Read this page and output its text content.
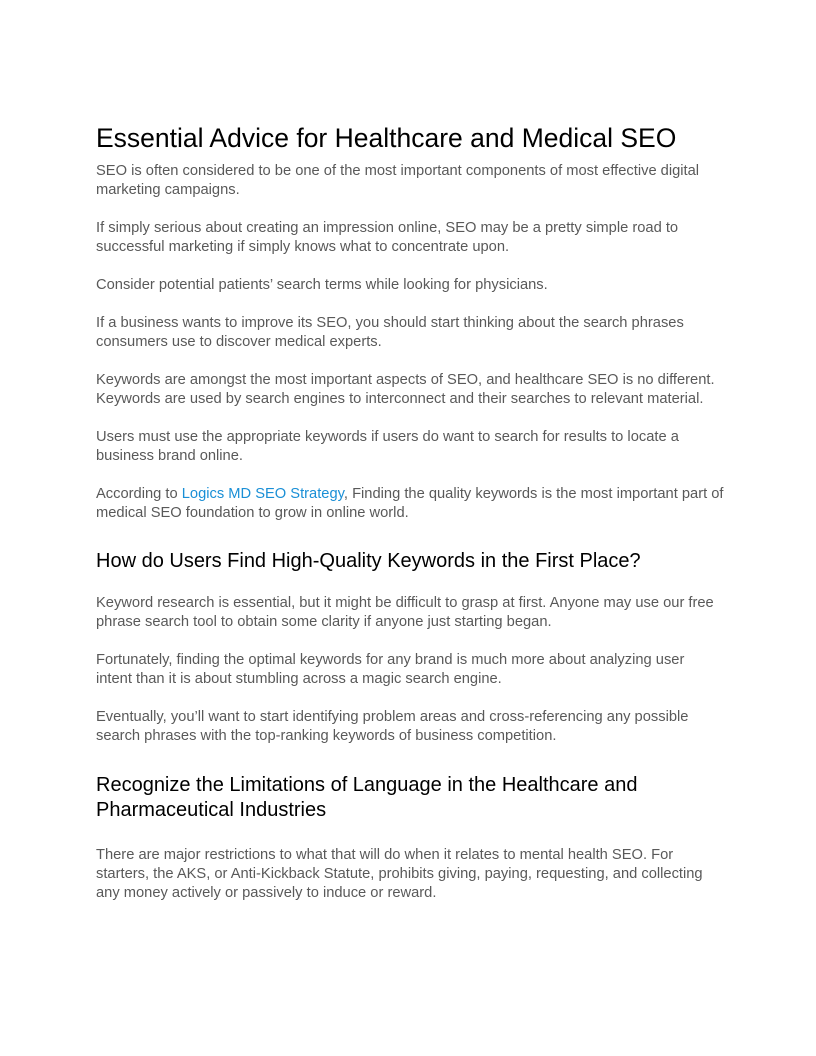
Essential Advice for Healthcare and Medical SEO

SEO is often considered to be one of the most important components of most effective digital marketing campaigns.

If simply serious about creating an impression online, SEO may be a pretty simple road to successful marketing if simply knows what to concentrate upon.

Consider potential patients’ search terms while looking for physicians.

If a business wants to improve its SEO, you should start thinking about the search phrases consumers use to discover medical experts.

Keywords are amongst the most important aspects of SEO, and healthcare SEO is no different. Keywords are used by search engines to interconnect and their searches to relevant material.

Users must use the appropriate keywords if users do want to search for results to locate a business brand online.

According to Logics MD SEO Strategy, Finding the quality keywords is the most important part of medical SEO foundation to grow in online world.

How do Users Find High-Quality Keywords in the First Place?

Keyword research is essential, but it might be difficult to grasp at first. Anyone may use our free phrase search tool to obtain some clarity if anyone just starting began.

Fortunately, finding the optimal keywords for any brand is much more about analyzing user intent than it is about stumbling across a magic search engine.

Eventually, you’ll want to start identifying problem areas and cross-referencing any possible search phrases with the top-ranking keywords of business competition.

Recognize the Limitations of Language in the Healthcare and Pharmaceutical Industries

There are major restrictions to what that will do when it relates to mental health SEO. For starters, the AKS, or Anti-Kickback Statute, prohibits giving, paying, requesting, and collecting any money actively or passively to induce or reward.
